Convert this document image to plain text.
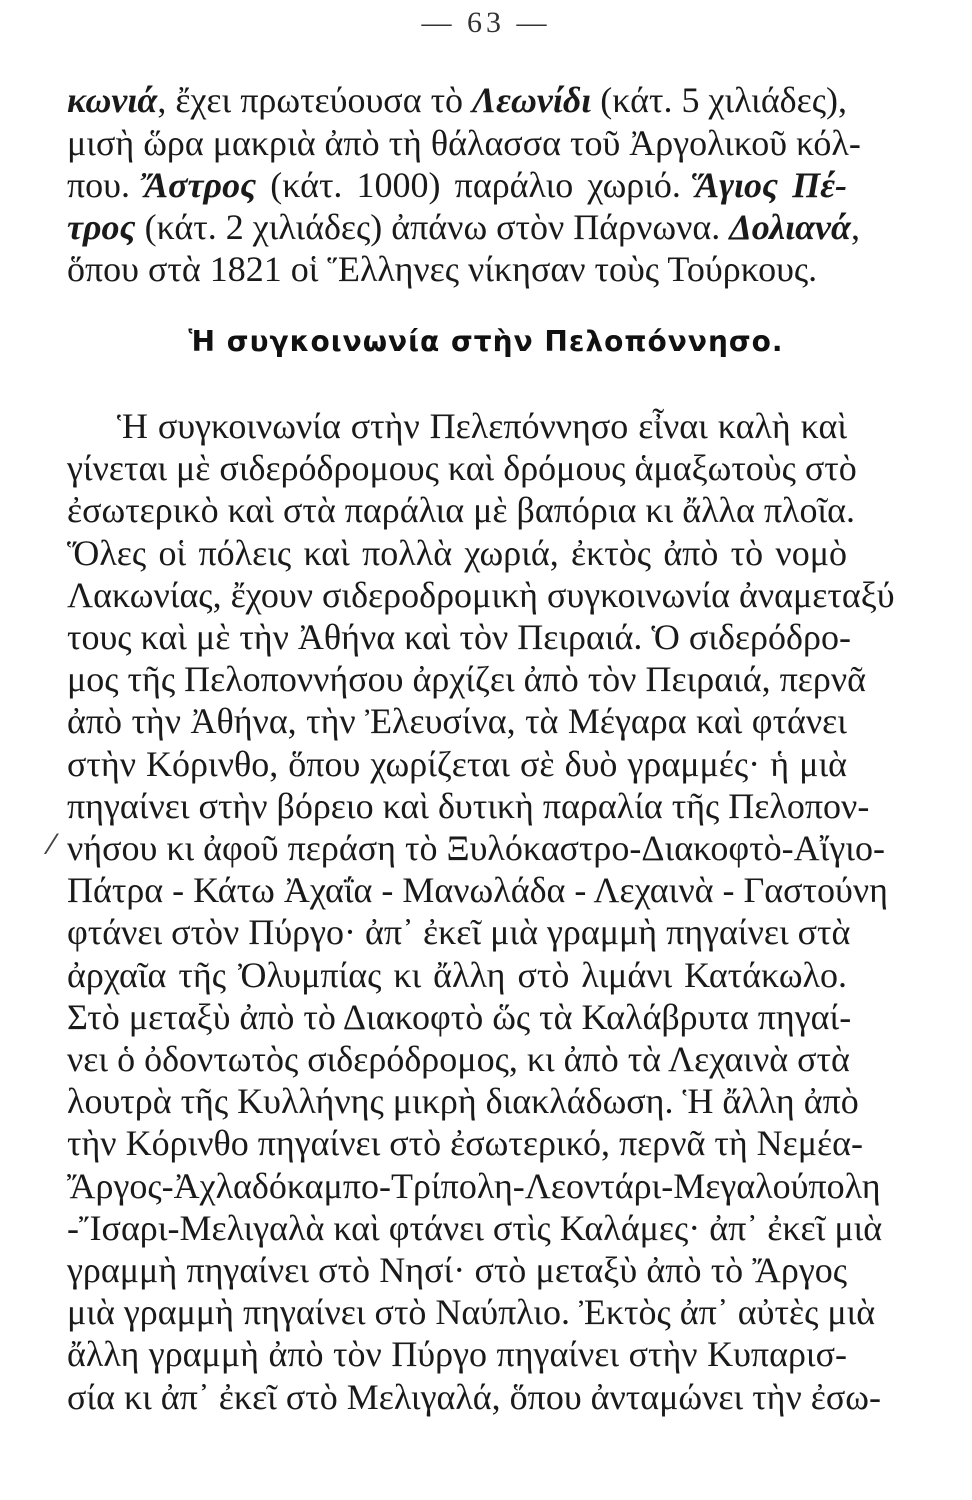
— 63 —
κωνιά, ἔχει πρωτεύουσα τὸ Λεωνίδι (κάτ. 5 χιλιάδες),
μισὴ ὥρα μακριὰ ἀπὸ τὴ θάλασσα τοῦ Ἀργολικοῦ κόλ-
που. Ἄστρος (κάτ. 1000) παράλιο χωριό. Ἅγιος Πέ-
τρος (κάτ. 2 χιλιάδες) ἀπάνω στὸν Πάρνωνα. Δολιανά,
ὅπου στὰ 1821 οἱ Ἕλληνες νίκησαν τοὺς Τούρκους.
Ἡ συγκοινωνία στὴν Πελοπόννησο.
Ἡ συγκοινωνία στὴν Πελεπόννησο εἶναι καλὴ καὶ
γίνεται μὲ σιδερόδρομους καὶ δρόμους ἁμαξωτοὺς στὸ
ἐσωτερικὸ καὶ στὰ παράλια μὲ βαπόρια κι ἄλλα πλοῖα.
Ὅλες οἱ πόλεις καὶ πολλὰ χωριά, ἐκτὸς ἀπὸ τὸ νομὸ
Λακωνίας, ἔχουν σιδεροδρομικὴ συγκοινωνία ἀναμεταξύ
τους καὶ μὲ τὴν Ἀθήνα καὶ τὸν Πειραιά. Ὁ σιδερόδρο-
μος τῆς Πελοποννήσου ἀρχίζει ἀπὸ τὸν Πειραιά, περνᾶ
ἀπὸ τὴν Ἀθήνα, τὴν Ἐλευσίνα, τὰ Μέγαρα καὶ φτάνει
στὴν Κόρινθο, ὅπου χωρίζεται σὲ δυὸ γραμμές· ἡ μιὰ
πηγαίνει στὴν βόρειο καὶ δυτικὴ παραλία τῆς Πελοπον-
νήσου κι ἀφοῦ περάση τὸ Ξυλόκαστρο-Διακοφτὸ-Αἴγιο-
Πάτρα - Κάτω Ἀχαΐα - Μανωλάδα - Λεχαινὰ - Γαστούνη
φτάνει στὸν Πύργο· ἀπ᾿ ἐκεῖ μιὰ γραμμὴ πηγαίνει στὰ
ἀρχαῖα τῆς Ὀλυμπίας κι ἄλλη στὸ λιμάνι Κατάκωλο.
Στὸ μεταξὺ ἀπὸ τὸ Διακοφτὸ ὥς τὰ Καλάβρυτα πηγαί-
νει ὁ ὀδοντωτὸς σιδερόδρομος, κι ἀπὸ τὰ Λεχαινὰ στὰ
λουτρὰ τῆς Κυλλήνης μικρὴ διακλάδωση. Ἡ ἄλλη ἀπὸ
τὴν Κόρινθο πηγαίνει στὸ ἐσωτερικό, περνᾶ τὴ Νεμέα-
Ἄργος-Ἀχλαδόκαμπο-Τρίπολη-Λεοντάρι-Μεγαλούπολη
-Ἴσαρι-Μελιγαλὰ καὶ φτάνει στὶς Καλάμες· ἀπ᾿ ἐκεῖ μιὰ
γραμμὴ πηγαίνει στὸ Νησί· στὸ μεταξὺ ἀπὸ τὸ Ἄργος
μιὰ γραμμὴ πηγαίνει στὸ Ναύπλιο. Ἐκτὸς ἀπ᾿ αὐτὲς μιὰ
ἄλλη γραμμὴ ἀπὸ τὸν Πύργο πηγαίνει στὴν Κυπαρισ-
σία κι ἀπ᾿ ἐκεῖ στὸ Μελιγαλά, ὅπου ἀνταμώνει τὴν ἐσω-
⁄
